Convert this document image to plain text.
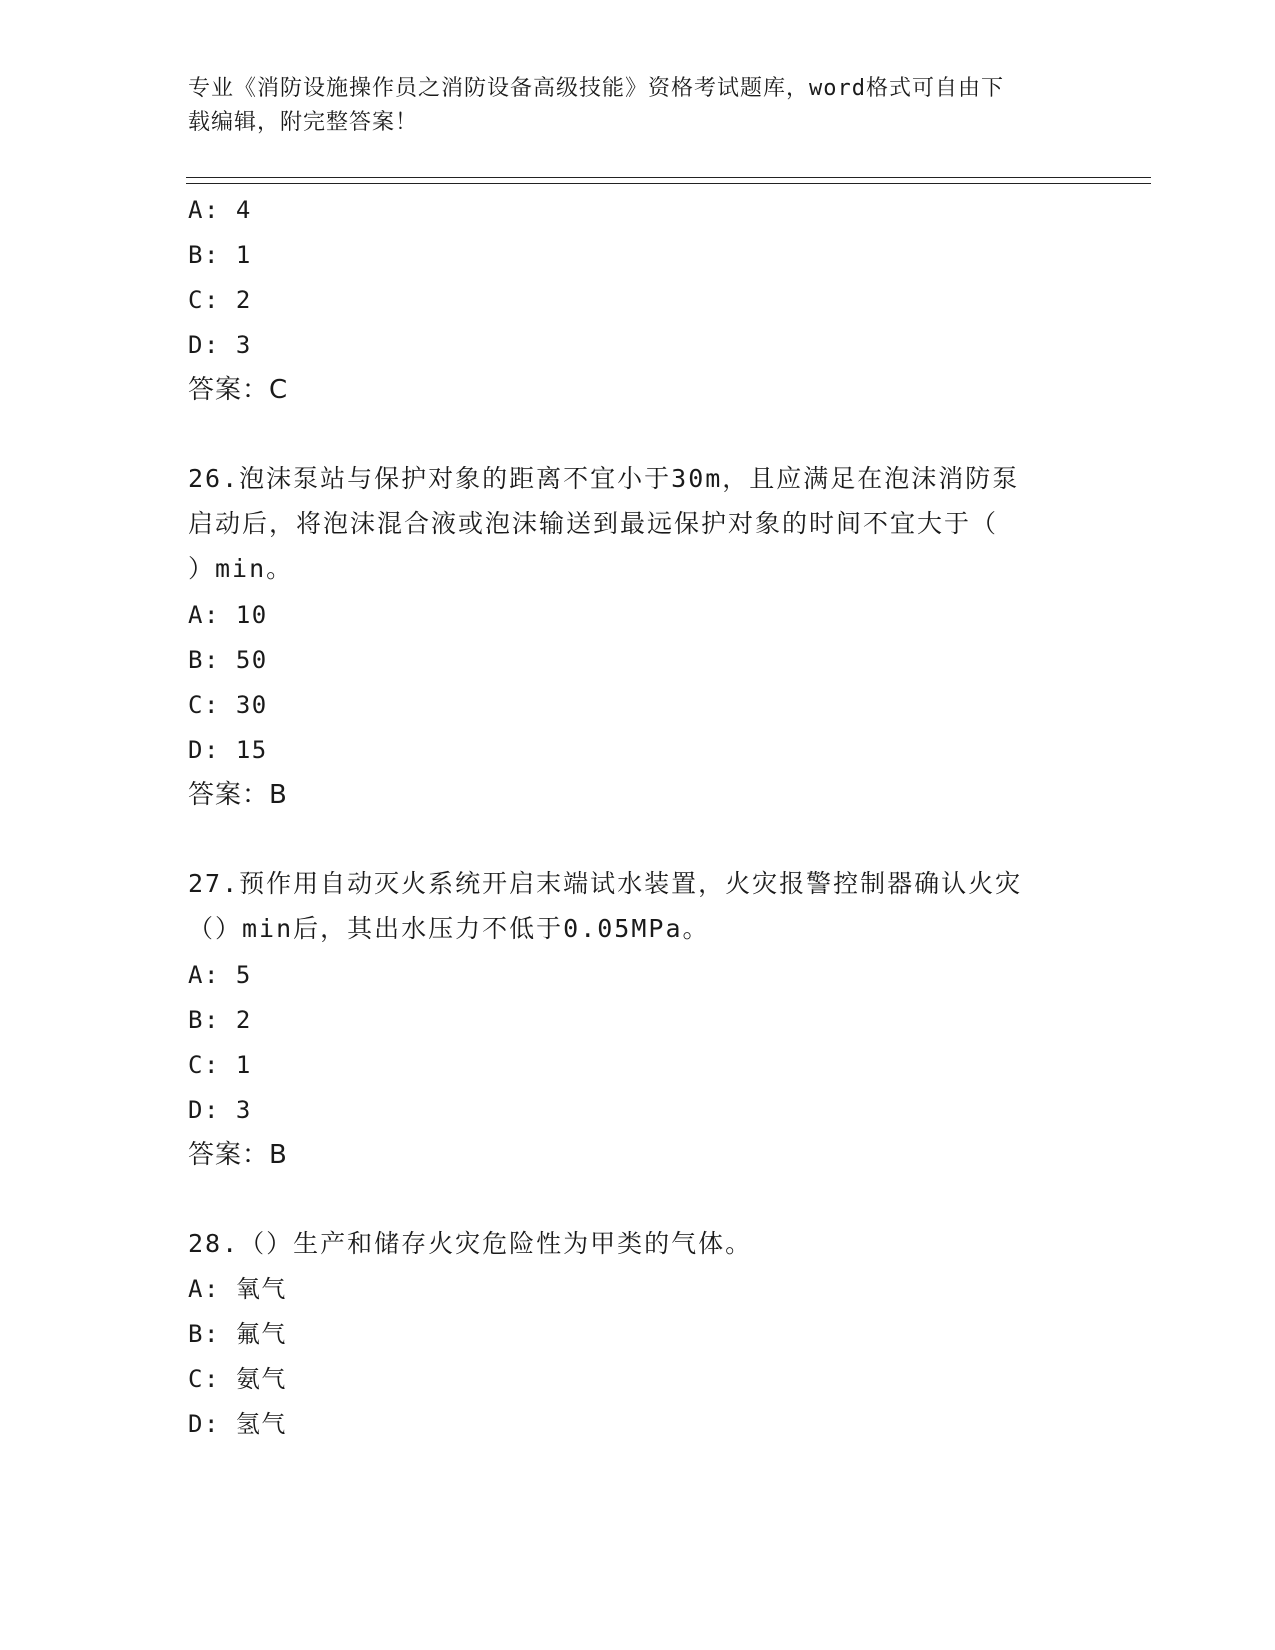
专业《消防设施操作员之消防设备高级技能》资格考试题库，word格式可自由下
载编辑，附完整答案！
A: 4
B: 1
C: 2
D: 3
答案：C
26.泡沫泵站与保护对象的距离不宜小于30m，且应满足在泡沫消防泵
启动后，将泡沫混合液或泡沫输送到最远保护对象的时间不宜大于（
）min。
A: 10
B: 50
C: 30
D: 15
答案：B
27.预作用自动灭火系统开启末端试水装置，火灾报警控制器确认火灾
（）min后，其出水压力不低于0.05MPa。
A: 5
B: 2
C: 1
D: 3
答案：B
28.（）生产和储存火灾危险性为甲类的气体。
A: 氧气
B: 氟气
C: 氨气
D: 氢气
